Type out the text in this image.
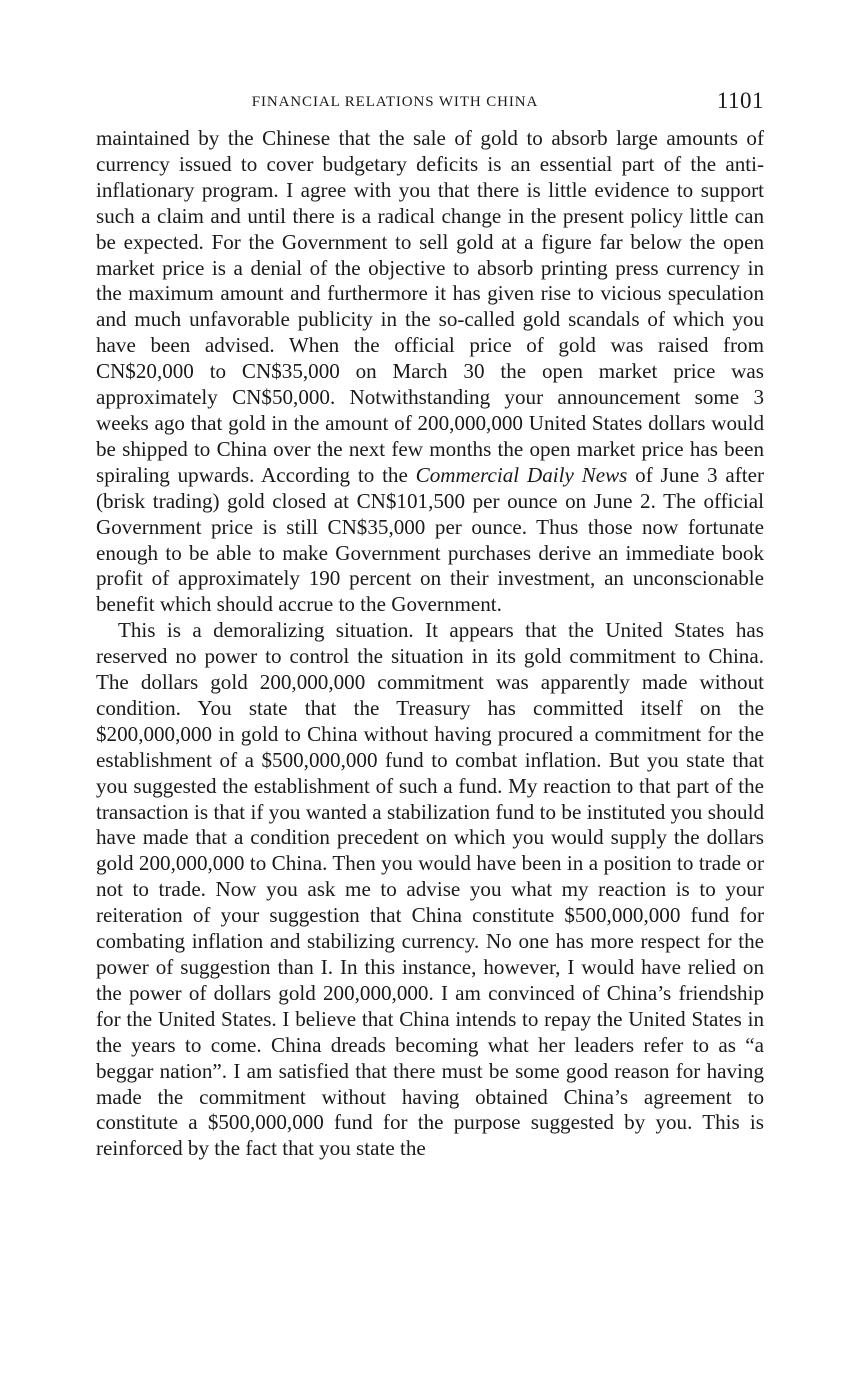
FINANCIAL RELATIONS WITH CHINA	1101

maintained by the Chinese that the sale of gold to absorb large amounts of currency issued to cover budgetary deficits is an essential part of the anti-inflationary program. I agree with you that there is little evidence to support such a claim and until there is a radical change in the present policy little can be expected. For the Government to sell gold at a figure far below the open market price is a denial of the objective to absorb printing press currency in the maximum amount and furthermore it has given rise to vicious speculation and much unfavorable publicity in the so-called gold scandals of which you have been advised. When the official price of gold was raised from CN$20,000 to CN$35,000 on March 30 the open market price was approximately CN$50,000. Notwithstanding your announcement some 3 weeks ago that gold in the amount of 200,000,000 United States dollars would be shipped to China over the next few months the open market price has been spiraling upwards. According to the Commercial Daily News of June 3 after (brisk trading) gold closed at CN$101,500 per ounce on June 2. The official Government price is still CN$35,000 per ounce. Thus those now fortunate enough to be able to make Government purchases derive an immediate book profit of approximately 190 percent on their investment, an unconscionable benefit which should accrue to the Government.

This is a demoralizing situation. It appears that the United States has reserved no power to control the situation in its gold commitment to China. The dollars gold 200,000,000 commitment was apparently made without condition. You state that the Treasury has committed itself on the $200,000,000 in gold to China without having procured a commitment for the establishment of a $500,000,000 fund to combat inflation. But you state that you suggested the establishment of such a fund. My reaction to that part of the transaction is that if you wanted a stabilization fund to be instituted you should have made that a condition precedent on which you would supply the dollars gold 200,000,000 to China. Then you would have been in a position to trade or not to trade. Now you ask me to advise you what my reaction is to your reiteration of your suggestion that China constitute $500,000,000 fund for combating inflation and stabilizing currency. No one has more respect for the power of suggestion than I. In this instance, however, I would have relied on the power of dollars gold 200,000,000. I am convinced of China’s friendship for the United States. I believe that China intends to repay the United States in the years to come. China dreads becoming what her leaders refer to as “a beggar nation”. I am satisfied that there must be some good reason for having made the commitment without having obtained China’s agreement to constitute a $500,000,000 fund for the purpose suggested by you. This is reinforced by the fact that you state the
